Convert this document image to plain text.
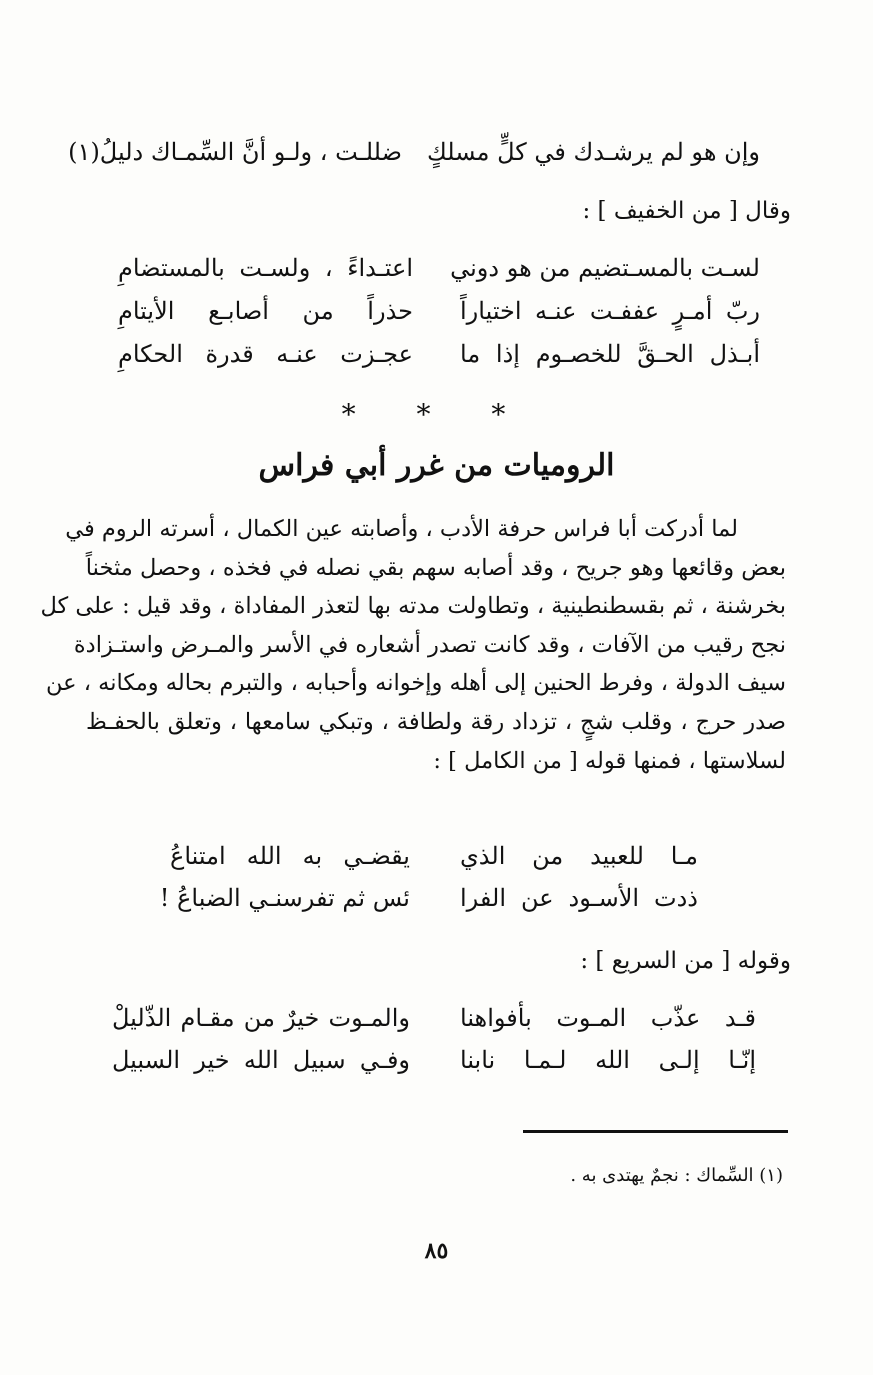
وإن هو لم يرشـدك في كلٍّ مسلكٍ
ضللـت ، ولـو أنَّ السِّمـاك دليلُ(١)
وقال [ من الخفيف ] :
لسـت بالمسـتضيم من هو دوني
اعتـداءً ، ولسـت بالمستضامِ
ربّ أمـرٍ عففـت عنـه اختياراً
حذراً من أصابـع الأيتامِ
أبـذل الحـقَّ للخصـوم إذا ما
عجـزت عنـه قدرة الحكامِ
* * *
الروميات من غرر أبي فراس
لما أدركت أبا فراس حرفة الأدب ، وأصابته عين الكمال ، أسرته الروم في
بعض وقائعها وهو جريح ، وقد أصابه سهم بقي نصله في فخذه ، وحصل مثخناً
بخرشنة ، ثم بقسطنطينية ، وتطاولت مدته بها لتعذر المفاداة ، وقد قيل : على كل
نجح رقيب من الآفات ، وقد كانت تصدر أشعاره في الأسر والمـرض واستـزادة
سيف الدولة ، وفرط الحنين إلى أهله وإخوانه وأحبابه ، والتبرم بحاله ومكانه ، عن
صدر حرج ، وقلب شجٍ ، تزداد رقة ولطافة ، وتبكي سامعها ، وتعلق بالحفـظ
لسلاستها ، فمنها قوله [ من الكامل ] :
مـا للعبيد من الذي
يقضـي به الله امتناعُ
ذدت الأسـود عن الفرا
ئس ثم تفرسنـي الضباعُ !
وقوله [ من السريع ] :
قـد عذّب المـوت بأفواهنا
والمـوت خيرٌ من مقـام الذّليلْ
إنّـا إلـى الله لـمـا نابنا
وفـي سبيل الله خير السبيل
(١) السِّماك : نجمٌ يهتدى به .
٨٥
